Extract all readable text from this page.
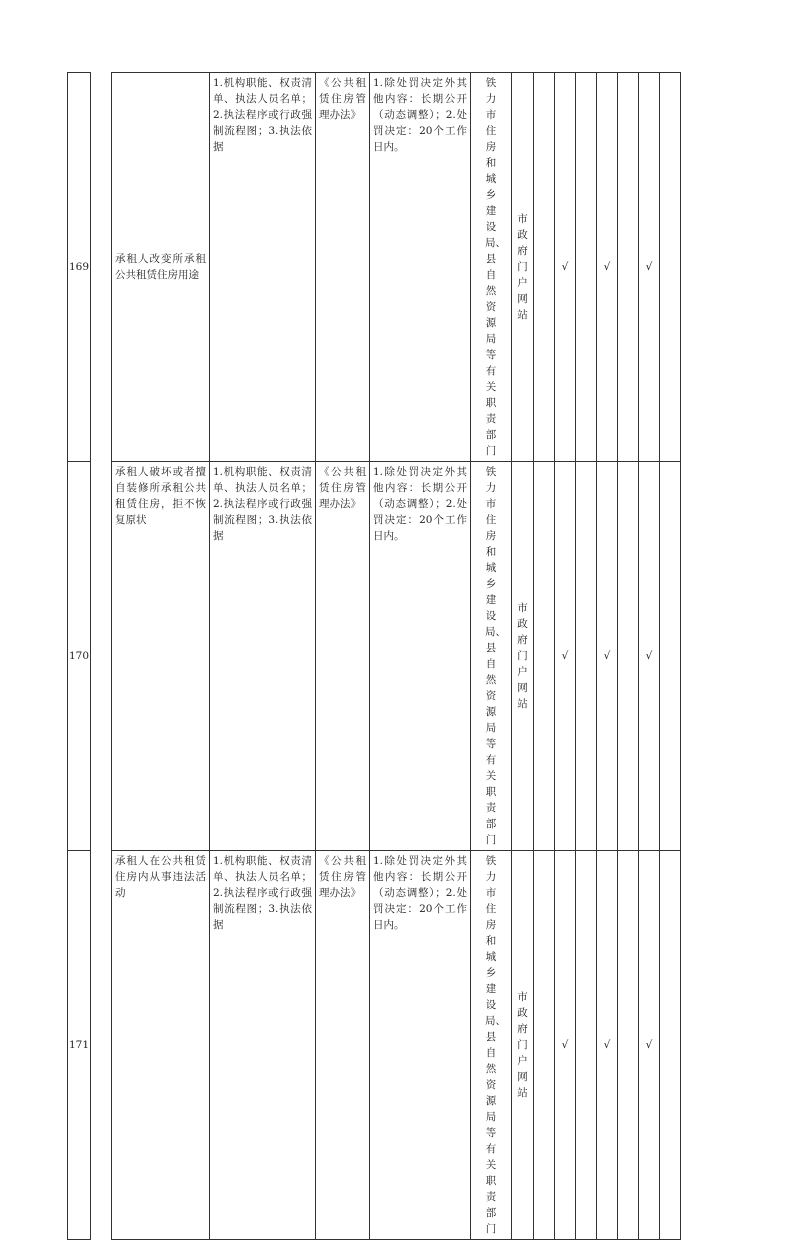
169		承租人改变所承租公共租赁住房用途	1.机构职能、权责清单、执法人员名单；2.执法程序或行政强制流程图；3.执法依据	《公共租赁住房管理办法》	1.除处罚决定外其他内容：长期公开（动态调整）；2.处罚决定：20个工作日内。	铁力市住房和城乡建设局、县自然资源局等有关职责部门	市政府门户网站		√		√		√	
170		承租人破坏或者擅自装修所承租公共租赁住房，拒不恢复原状	1.机构职能、权责清单、执法人员名单；2.执法程序或行政强制流程图；3.执法依据	《公共租赁住房管理办法》	1.除处罚决定外其他内容：长期公开（动态调整）；2.处罚决定：20个工作日内。	铁力市住房和城乡建设局、县自然资源局等有关职责部门	市政府门户网站		√		√		√	
171		承租人在公共租赁住房内从事违法活动	1.机构职能、权责清单、执法人员名单；2.执法程序或行政强制流程图；3.执法依据	《公共租赁住房管理办法》	1.除处罚决定外其他内容：长期公开（动态调整）；2.处罚决定：20个工作日内。	铁力市住房和城乡建设局、县自然资源局等有关职责部门	市政府门户网站		√		√		√	
